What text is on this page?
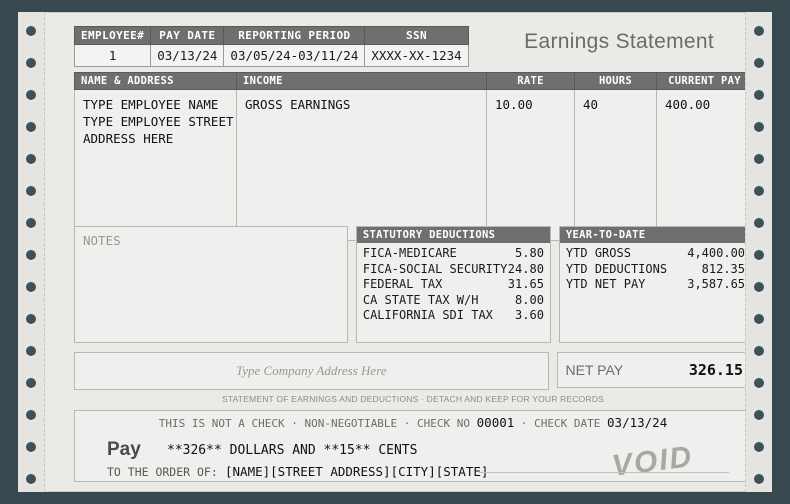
EMPLOYEE#	PAY DATE	REPORTING PERIOD	SSN
1	03/13/24	03/05/24-03/11/24	XXXX-XX-1234
Earnings Statement
NAME & ADDRESS	INCOME	RATE	HOURS	CURRENT PAY

TYPE EMPLOYEE NAME
TYPE EMPLOYEE STREET
ADDRESS HERE	GROSS EARNINGS	10.00	40	400.00
NOTES	STATUTORY DEDUCTIONS
FICA-MEDICARE	5.80
FICA-SOCIAL SECURITY 24.80
FEDERAL TAX	31.65
CA STATE TAX W/H	8.00
CALIFORNIA SDI TAX 3.60
YEAR-TO-DATE
YTD GROSS	4,400.00
YTD DEDUCTIONS	812.35
YTD NET PAY	3,587.65
Type Company Address Here	NET PAY	326.15
STATEMENT OF EARNINGS AND DEDUCTIONS · DETACH AND KEEP FOR YOUR RECORDS
THIS IS NOT A CHECK · NON-NEGOTIABLE · CHECK NO 00001 · CHECK DATE 03/13/24
Pay **326** DOLLARS AND **15** CENTS
TO THE ORDER OF: [NAME][STREET ADDRESS][CITY][STATE]	VOID
